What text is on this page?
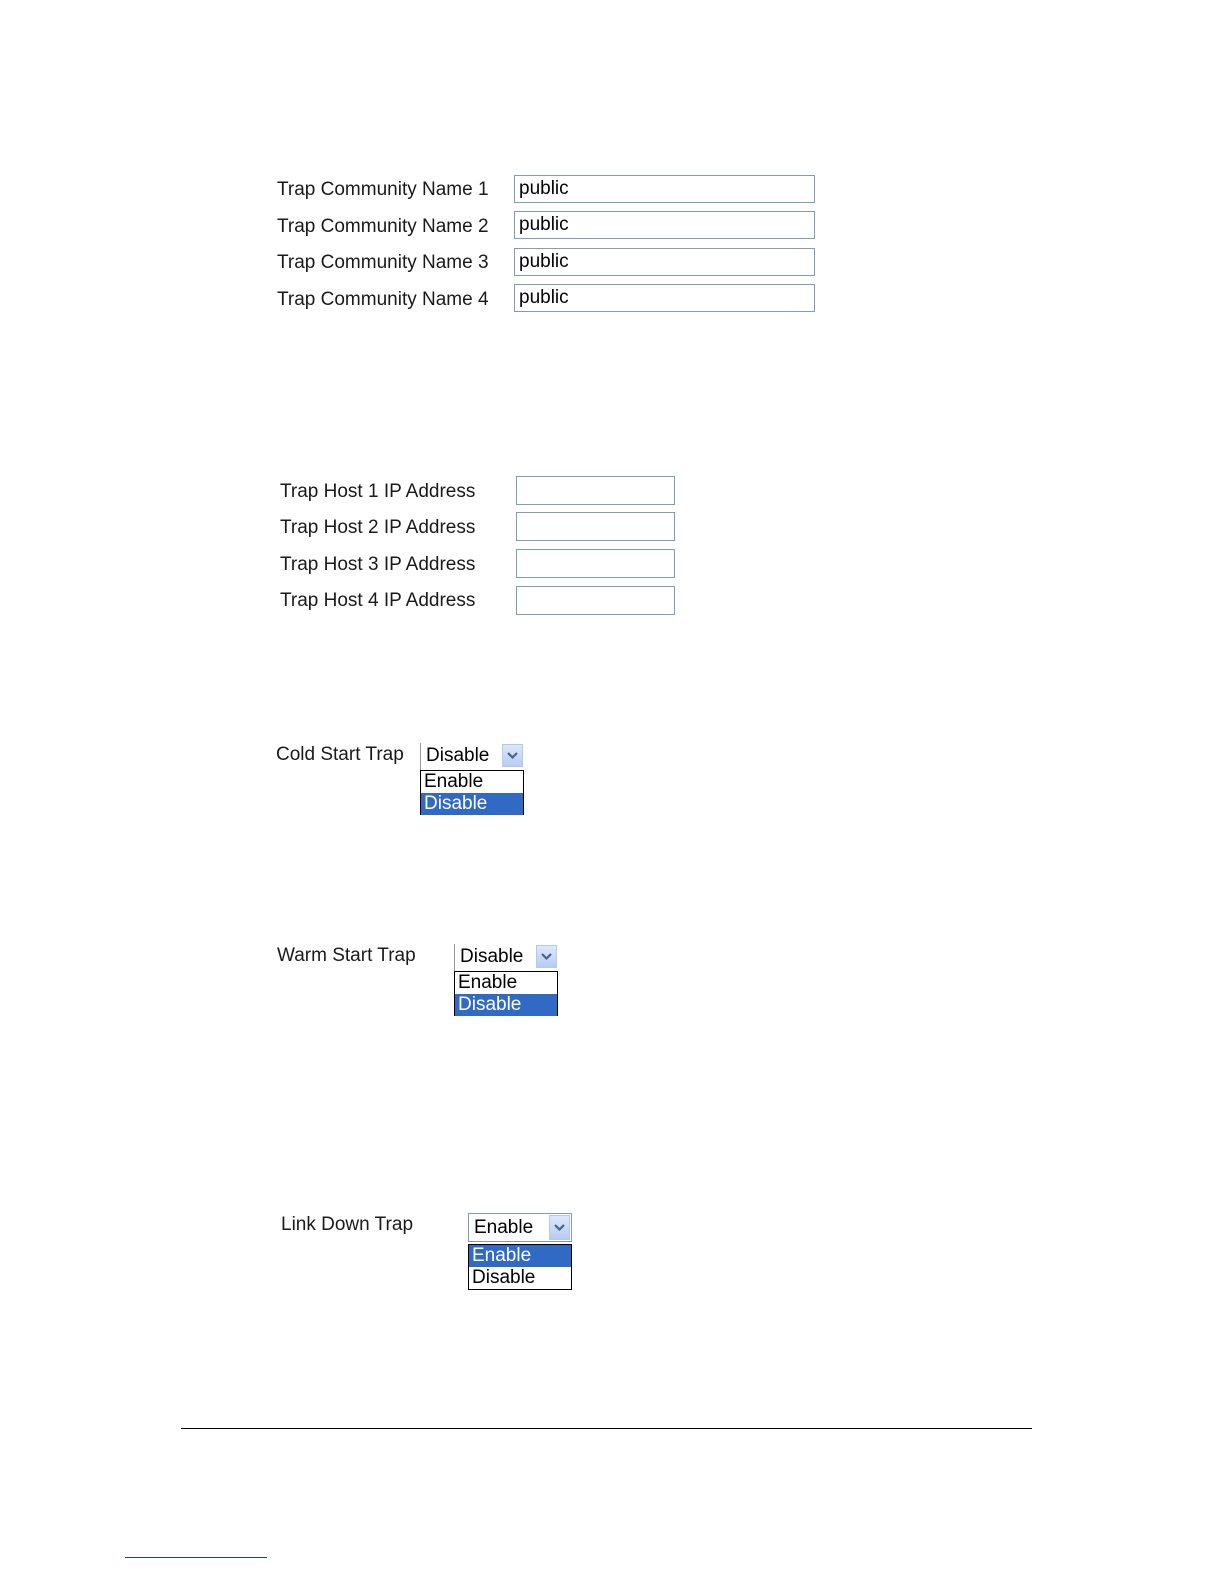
Trap Community Name 1 public
Trap Community Name 2 public
Trap Community Name 3 public
Trap Community Name 4 public
Trap Host 1 IP Address
Trap Host 2 IP Address
Trap Host 3 IP Address
Trap Host 4 IP Address
Cold Start Trap	Disable
Enable
Disable
Warm Start Trap	Disable
Enable
Disable
Link Down Trap	Enable
Enable
Disable
